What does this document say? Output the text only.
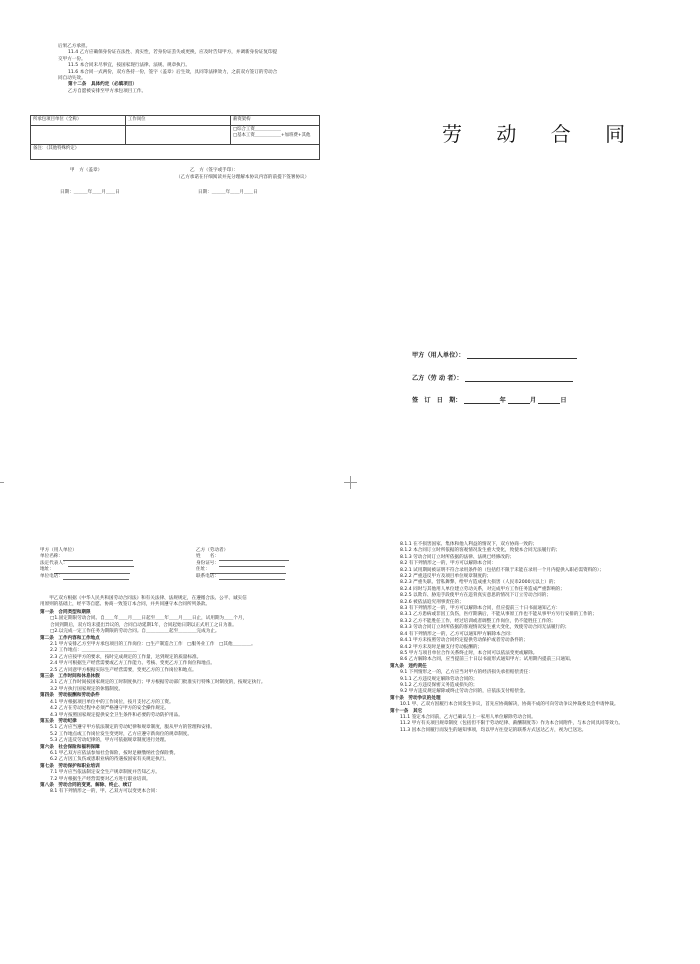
后果乙方承担。
11.4 乙方应确保身份证在法性、真实性，若身份证丢失或更换，应及时告知甲方，并调新身份证复印提
交甲方一份。
11.5 本合同未尽事宜，按国家现行法律、法规、规章执行。
11.6 本合同一式两份，双方各持一份，签字（盖章）后生效，具同等法律效力，之前双方签订的劳动合
同自动失效。
第十二条　具体约定（必填项目）
乙方自愿被安排至甲方承包项目工作。
所承包项目单位（全称）	工作岗位	薪资架构

		□综合工资＿＿＿＿＿＿
□基本工资＿＿＿＿＿＿+加班费+其他

备注：（其他特殊约定）		
甲　方（盖章）	乙　方（签字或手印）：
（乙方承诺在仔细阅读并充分理解本协议内容的前提下签署协议）
日期：＿＿＿年＿＿月＿＿日	日期：＿＿＿年＿＿月＿＿日
劳 动 合 同
甲方（用人单位）：
乙方（劳 动 者）：
签　订　日　期：	年	月	日
甲方（用人单位）
单位名称：
法定代表人：
地址：
单位电话：
乙方（劳动者）
姓　　名：
身份证号：
住址：
联系电话：
　　甲乙双方根据《中华人民共和国劳动合同法》和有关法律、法规规定，在遵循合法、公平、诚实信
用原则的基础上，经平等自愿、协商一致签订本合同，并共同遵守本合同所列条款。
第一条　合同类型和期限
□1.固定期限劳动合同。自＿＿年＿＿月＿＿日起至＿＿年＿＿月＿＿日止，试用期为＿＿个月，
合同到期后，双方均未提出异议的，合同自动延期1年，合同起始日期以正式用工之日为准。
□2.以完成一定工作任务为期限的劳动合同。自＿＿＿＿＿起至＿＿＿＿完成为止。
第二条　工作内容和工作地点
2.1 甲方安排乙方至甲方承包项目的工作岗位：□生产制造合工作　□服务业工作　□其他＿＿＿＿。
2.2 工作地点：＿＿＿＿＿＿＿＿＿＿＿＿
2.3 乙方应按甲方的要求，按时完成规定的工作量，达到规定的质量标准。
2.4 甲方可根据生产经营需要或乙方工作能力、考核、变更乙方工作岗位和地点。
2.5 乙方同意甲方根据实际生产经营需要，变更乙方的工作岗位和地点。
第三条　工作时间和休息休假
3.1 乙方工作时间按国家规定的工时制度执行；甲方根据劳动部门批准实行特殊工时制度的，按规定执行。
3.2 甲方执行国家规定的休假制度。
第四条　劳动报酬和劳动条件
4.1 甲方根据项目单位中的工作岗位，按月支付乙方的工资。
4.2 乙方在劳动过程中必须严格遵守甲方的安全操作规定。
4.3 甲方按照国家规定提供安全卫生条件和必要的劳动防护用品。
第五条　劳动纪律
5.1 乙方应当遵守甲方依法制定的劳动纪律和规章制度，服从甲方的管理和安排。
5.2 工作地点或工作岗位发生变更时，乙方应遵守新岗位的规章制度。
5.3 乙方违反劳动纪律的，甲方可依据规章制度进行处理。
第六条　社会保险和福利保障
6.1 甲乙双方应依法参加社会保险，按时足额缴纳社会保险费。
6.2 乙方因工负伤或患职业病的待遇按国家有关规定执行。
第七条　劳动保护和职业培训
7.1 甲方应当依法制定安全生产规章制度并告知乙方。
7.2 甲方根据生产经营需要对乙方进行职业培训。
第八条　劳动合同的变更、解除、终止、续订
8.1 有下列情形之一的，甲、乙双方可以变更本合同：
8.1.1 在不损害国家、集体和他人利益的情况下，双方协商一致的；
8.1.2 本合同订立时所依据的客观情况发生重大变化，致使本合同无法履行的；
8.1.3 劳动合同订立时所依据的法律、法规已经修改的；
8.2 有下列情形之一的，甲方可以解除本合同：
8.2.1 试用期间被证明不符合录用条件的（包括但不限于未能在录用一个月内提供入职必需资料的）；
8.2.2 严重违反甲方及项目单位规章制度的；
8.2.3 严重失职、营私舞弊，给甲方造成重大损害（人民币2000元以上）的；
8.2.4 同时与其他用人单位建立劳动关系，对完成甲方工作任务造成严重影响的；
8.2.5 以欺诈、胁迫手段使甲方在违背真实意思的情况下订立劳动合同的；
8.2.6 被依法追究刑事责任的；
8.3 有下列情形之一的，甲方可以解除本合同，但应提前三十日书面通知乙方：
8.3.1 乙方患病或非因工负伤，医疗期满后，不能从事原工作也不能从事甲方另行安排的工作的；
8.3.2 乙方不能胜任工作，经过培训或者调整工作岗位，仍不能胜任工作的；
8.3.3 劳动合同订立时所依据的客观情况发生重大变化，致使劳动合同无法履行的；
8.4 有下列情形之一的，乙方可以通知甲方解除本合同：
8.4.1 甲方未按照劳动合同约定提供劳动保护或者劳动条件的；
8.4.2 甲方未及时足额支付劳动报酬的；
8.5 甲方与项目单位合作关系终止时，本合同可以依法变更或解除。
8.6 乙方解除本合同，应当提前三十日以书面形式通知甲方；试用期内提前三日通知。
第九条　违约责任
9.1 下列情形之一的，乙方应当对甲方的经济损失承担赔偿责任：
9.1.1 乙方违反规定解除劳动合同的；
9.1.2 乙方违反保密义务造成损失的；
9.2 甲方违反规定解除或终止劳动合同的，应依法支付赔偿金。
第十条　劳动争议的处理
10.1 甲、乙双方因履行本合同发生争议，首先应协商解决，协商不成的可向劳动争议仲裁委员会申请仲裁。
第十一条　其它
11.1 签定本合同前，乙方已确认与上一家用人单位解除劳动合同。
11.2 甲方有关项目规章制度（包括但不限于劳动纪律、薪酬制度等）作为本合同附件，与本合同具同等效力。
11.3 因本合同履行而发生的通知事项，均以甲方往登记的联系方式送达乙方，视为已送达。
